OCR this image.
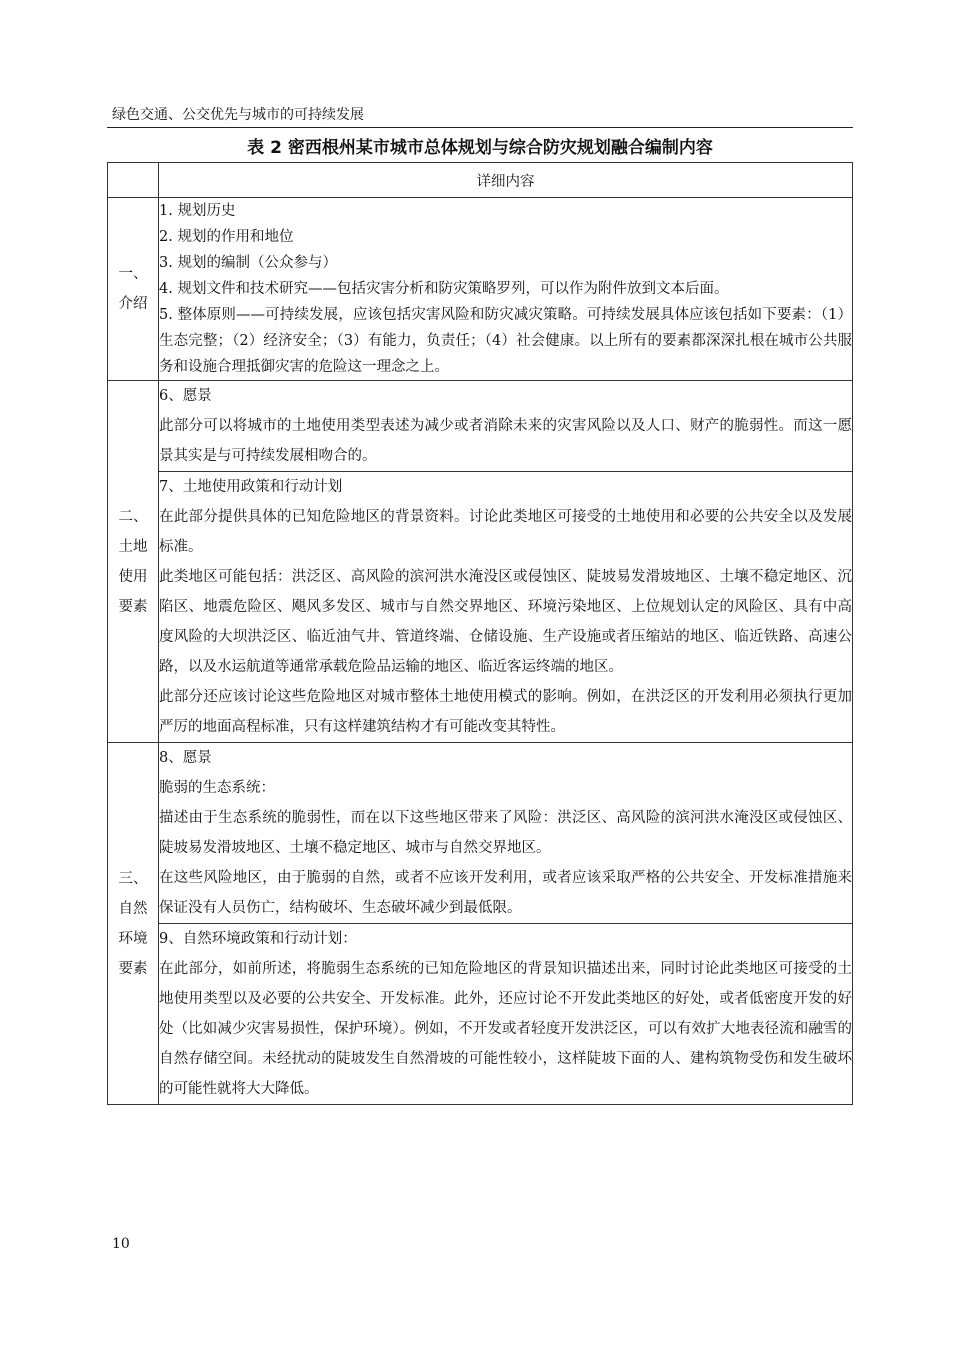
绿色交通、公交优先与城市的可持续发展
表 2 密西根州某市城市总体规划与综合防灾规划融合编制内容
	详细内容

一、
介绍	1. 规划历史
2. 规划的作用和地位
3. 规划的编制（公众参与）
4. 规划文件和技术研究——包括灾害分析和防灾策略罗列，可以作为附件放到文本后面。
5. 整体原则——可持续发展，应该包括灾害风险和防灾减灾策略。可持续发展具体应该包括如下要素：（1）生态完整；（2）经济安全；（3）有能力，负责任；（4）社会健康。以上所有的要素都深深扎根在城市公共服务和设施合理抵御灾害的危险这一理念之上。

二、
土地
使用
要素	6、愿景
此部分可以将城市的土地使用类型表述为减少或者消除未来的灾害风险以及人口、财产的脆弱性。而这一愿景其实是与可持续发展相吻合的。

	7、土地使用政策和行动计划
在此部分提供具体的已知危险地区的背景资料。讨论此类地区可接受的土地使用和必要的公共安全以及发展标准。
此类地区可能包括：洪泛区、高风险的滨河洪水淹没区或侵蚀区、陡坡易发滑坡地区、土壤不稳定地区、沉陷区、地震危险区、飓风多发区、城市与自然交界地区、环境污染地区、上位规划认定的风险区、具有中高度风险的大坝洪泛区、临近油气井、管道终端、仓储设施、生产设施或者压缩站的地区、临近铁路、高速公路，以及水运航道等通常承载危险品运输的地区、临近客运终端的地区。
此部分还应该讨论这些危险地区对城市整体土地使用模式的影响。例如，在洪泛区的开发利用必须执行更加严厉的地面高程标准，只有这样建筑结构才有可能改变其特性。

三、
自然
环境
要素	8、愿景
脆弱的生态系统：
描述由于生态系统的脆弱性，而在以下这些地区带来了风险：洪泛区、高风险的滨河洪水淹没区或侵蚀区、陡坡易发滑坡地区、土壤不稳定地区、城市与自然交界地区。
在这些风险地区，由于脆弱的自然，或者不应该开发利用，或者应该采取严格的公共安全、开发标准措施来保证没有人员伤亡，结构破坏、生态破坏减少到最低限。

	9、自然环境政策和行动计划：
在此部分，如前所述，将脆弱生态系统的已知危险地区的背景知识描述出来，同时讨论此类地区可接受的土地使用类型以及必要的公共安全、开发标准。此外，还应讨论不开发此类地区的好处，或者低密度开发的好处（比如减少灾害易损性，保护环境）。例如，不开发或者轻度开发洪泛区，可以有效扩大地表径流和融雪的自然存储空间。未经扰动的陡坡发生自然滑坡的可能性较小，这样陡坡下面的人、建构筑物受伤和发生破坏的可能性就将大大降低。
10
